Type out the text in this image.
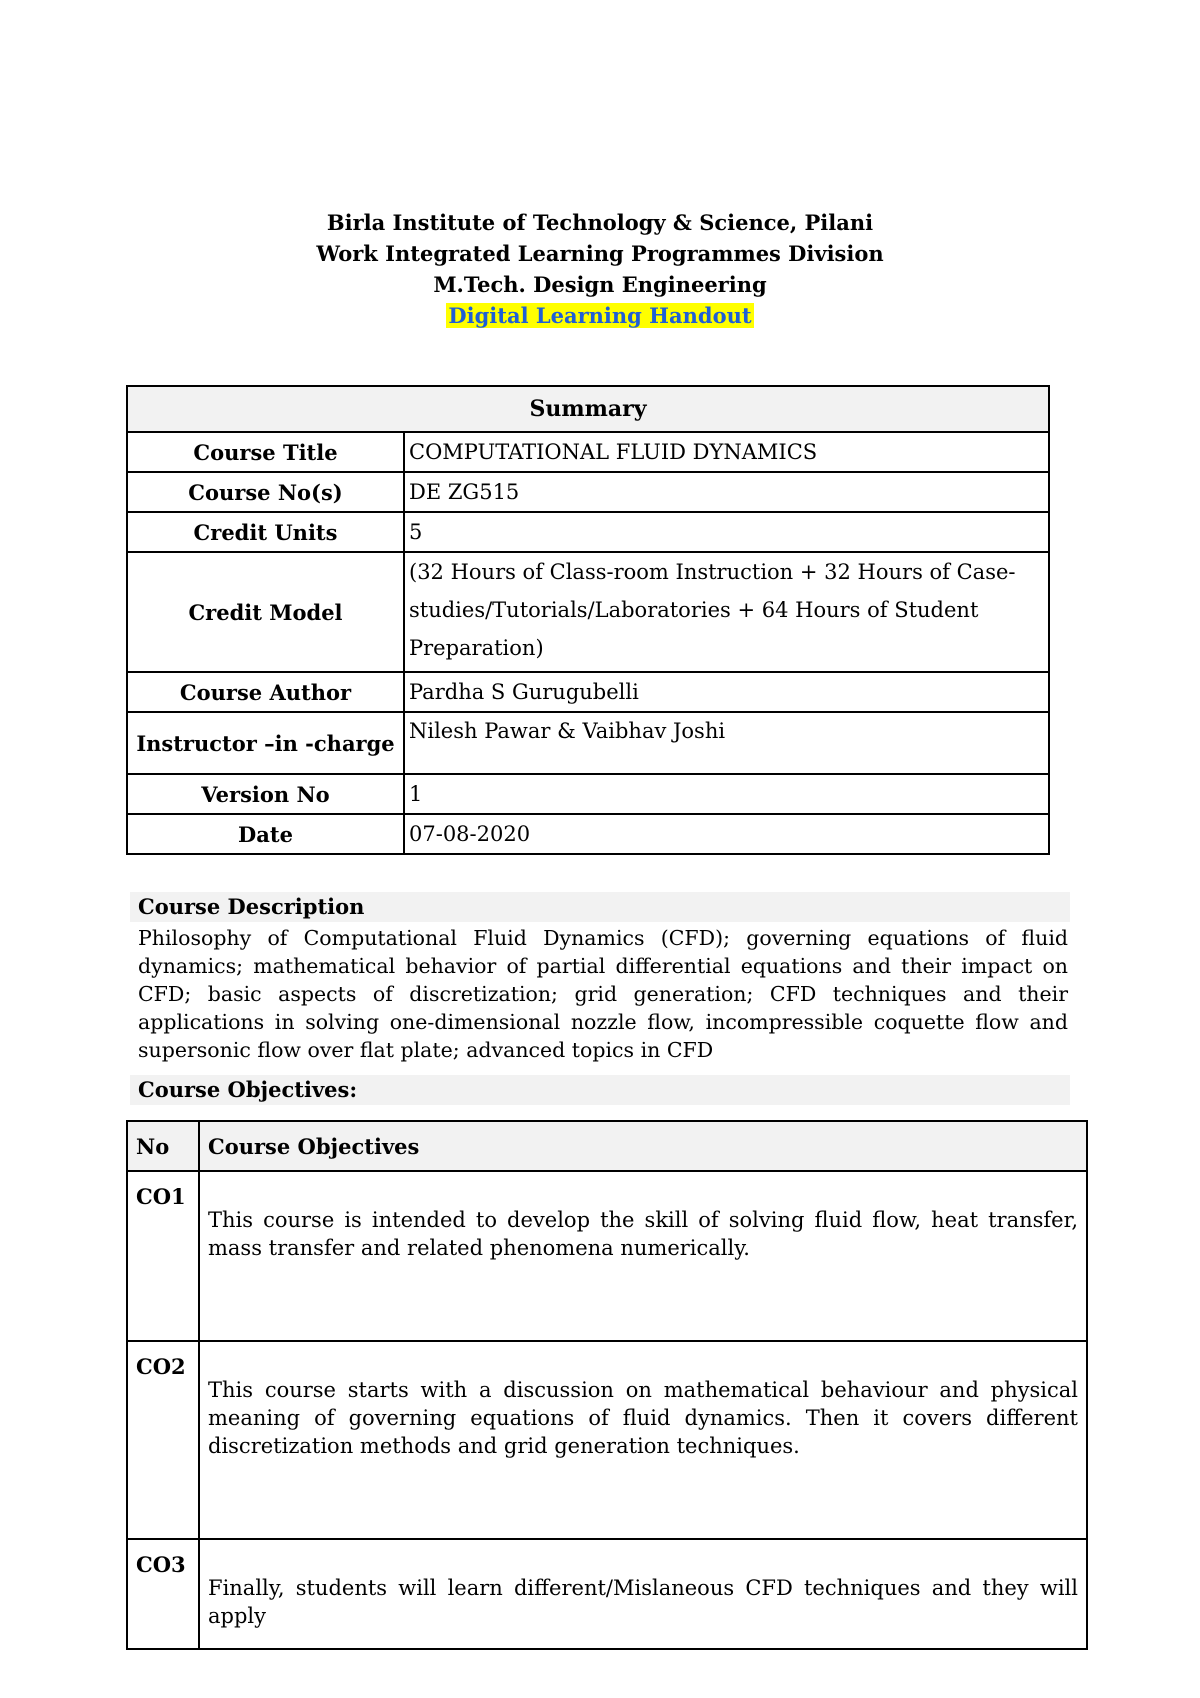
Birla Institute of Technology & Science, Pilani
Work Integrated Learning Programmes Division
M.Tech. Design Engineering
Digital Learning Handout
Summary	
Course Title	COMPUTATIONAL FLUID DYNAMICS
Course No(s)	DE ZG515
Credit Units	5
Credit Model	(32 Hours of Class-room Instruction + 32 Hours of Case-studies/Tutorials/Laboratories + 64 Hours of Student Preparation)
Course Author	Pardha S Gurugubelli
Instructor –in -charge	Nilesh Pawar & Vaibhav Joshi
Version No	1
Date	07-08-2020
Course Description
Philosophy of Computational Fluid Dynamics (CFD); governing equations of fluid dynamics; mathematical behavior of partial differential equations and their impact on CFD; basic aspects of discretization; grid generation; CFD techniques and their applications in solving one-dimensional nozzle flow, incompressible coquette flow and supersonic flow over flat plate; advanced topics in CFD
Course Objectives:
No	Course Objectives
CO1	This course is intended to develop the skill of solving fluid flow, heat transfer, mass transfer and related phenomena numerically.
CO2	This course starts with a discussion on mathematical behaviour and physical meaning of governing equations of fluid dynamics. Then it covers different discretization methods and grid generation techniques.
CO3	Finally, students will learn different/Mislaneous CFD techniques and they will apply
